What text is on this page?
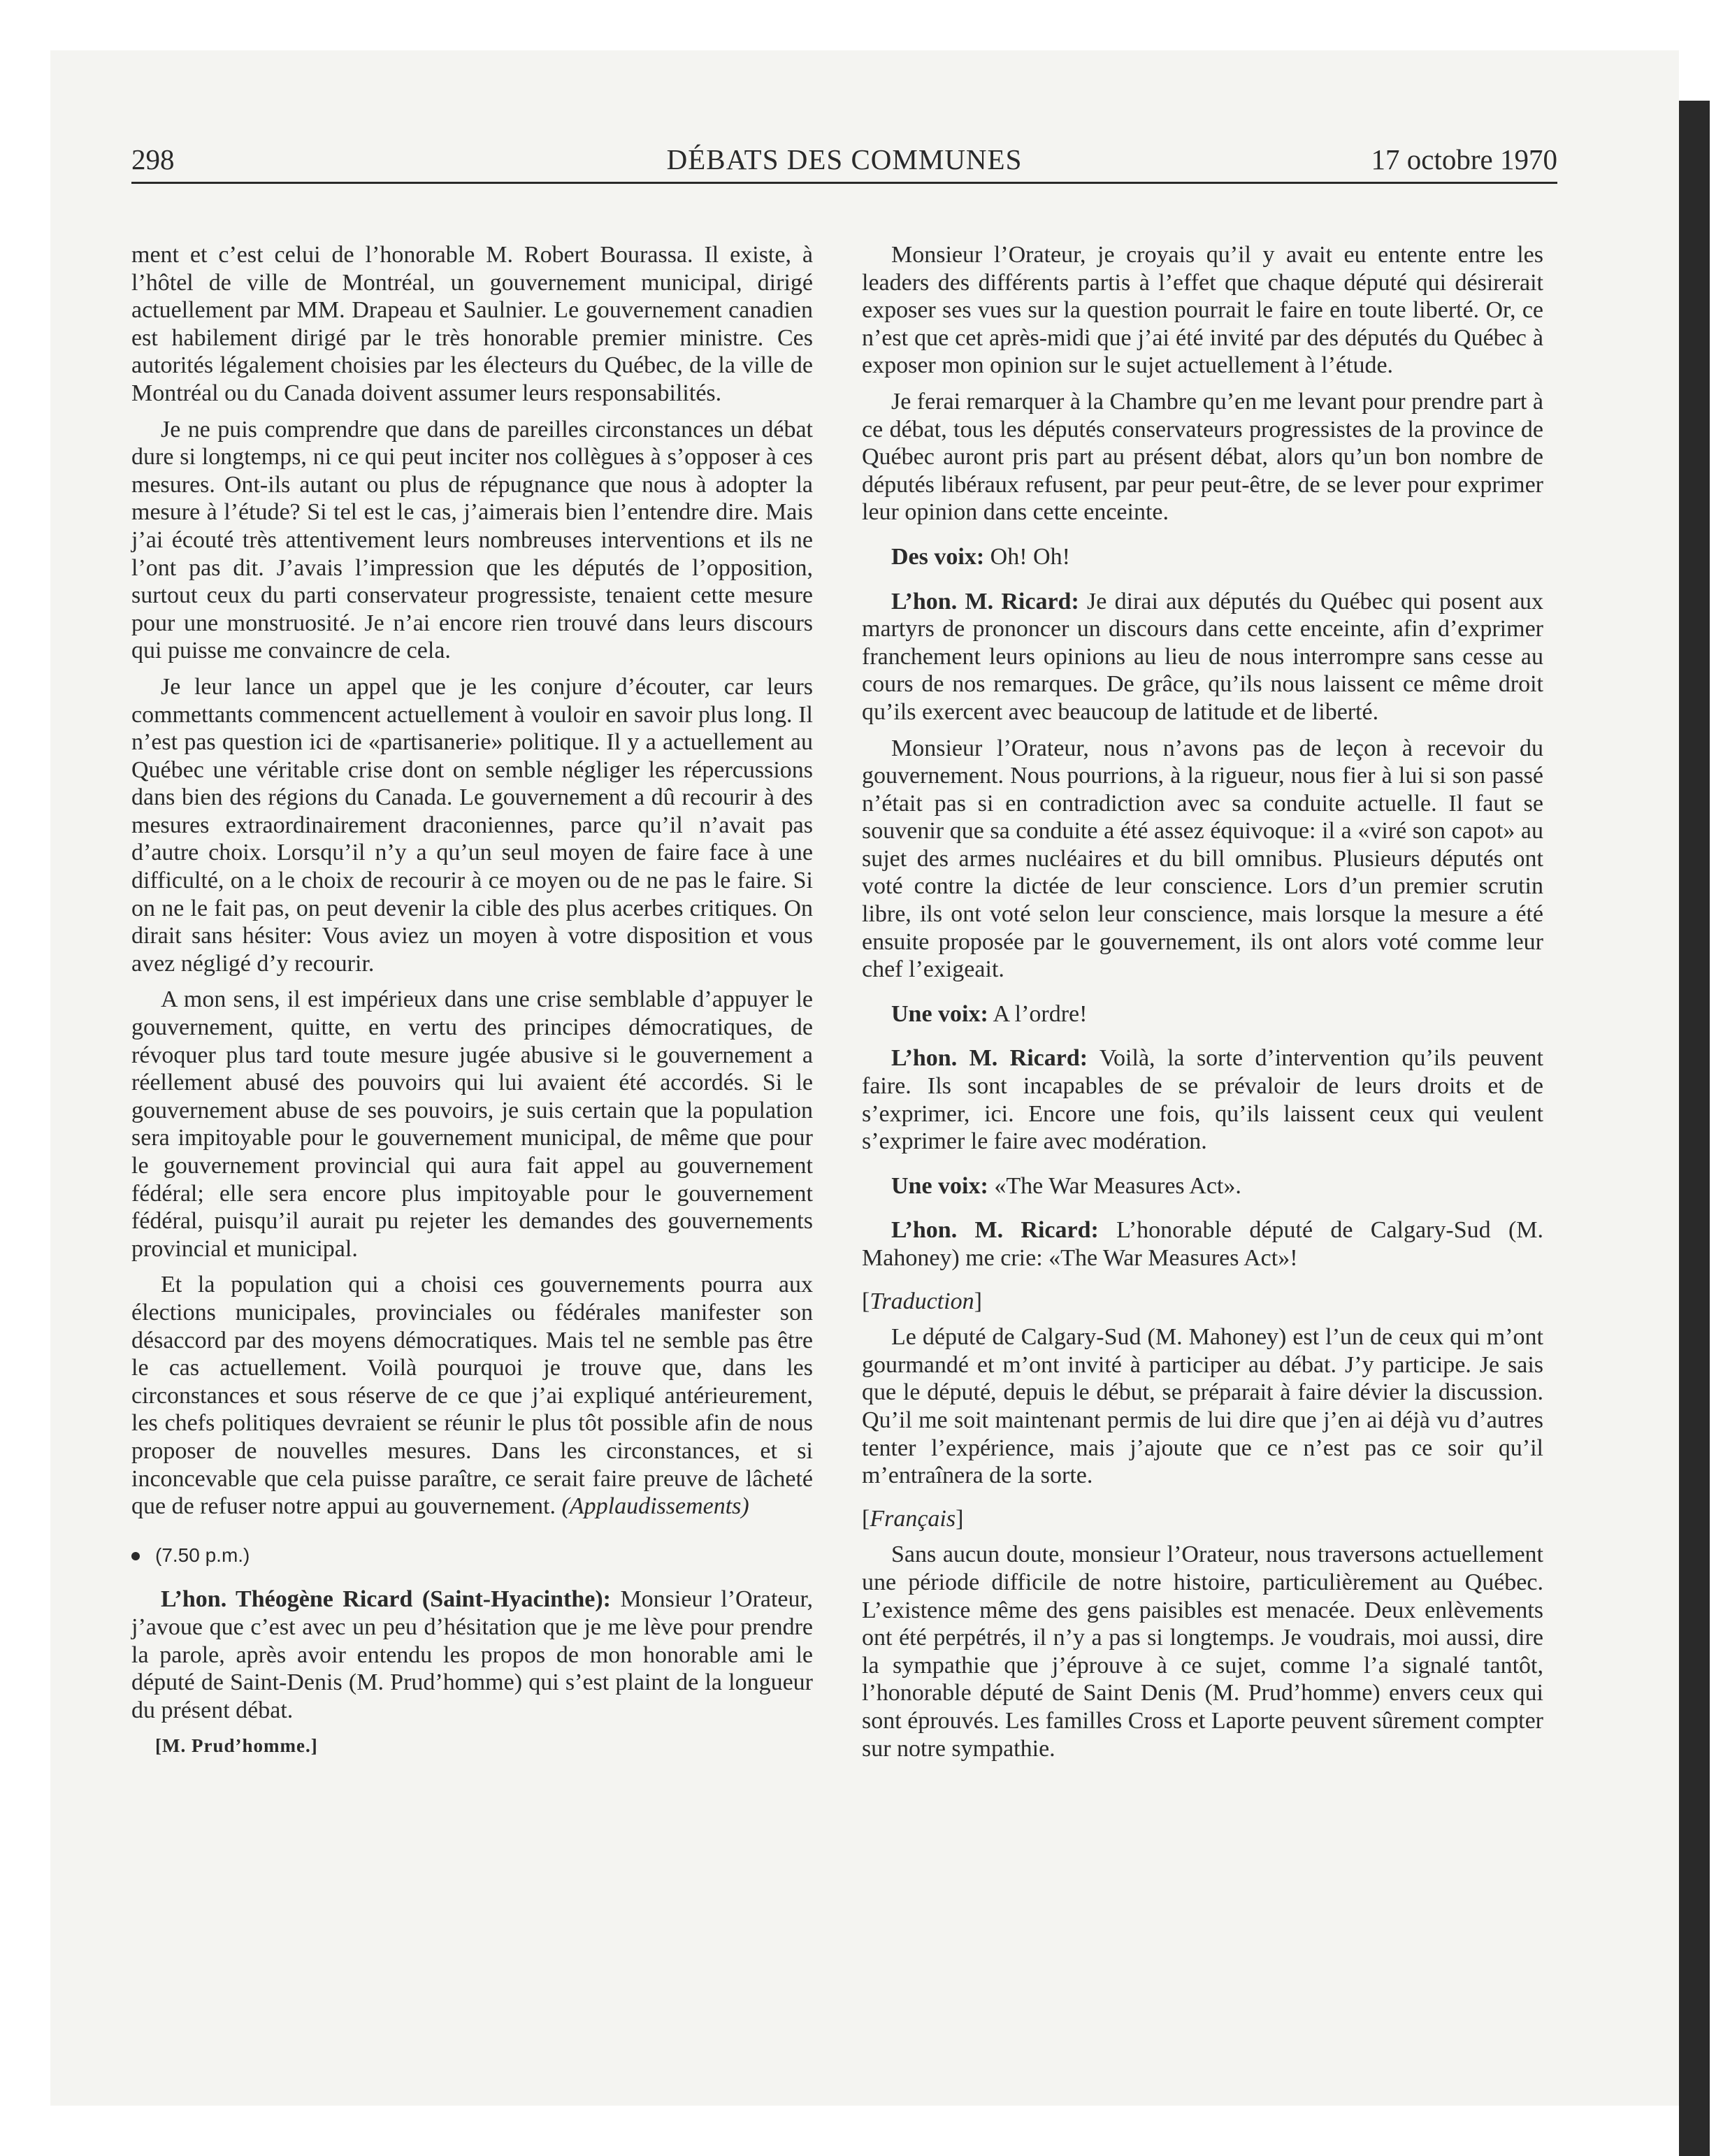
298	DÉBATS DES COMMUNES	17 octobre 1970

ment et c’est celui de l’honorable M. Robert Bourassa. Il existe, à l’hôtel de ville de Montréal, un gouvernement municipal, dirigé actuellement par MM. Drapeau et Saulnier. Le gouvernement canadien est habilement dirigé par le très honorable premier ministre. Ces autorités légalement choisies par les électeurs du Québec, de la ville de Montréal ou du Canada doivent assumer leurs responsabilités.

Je ne puis comprendre que dans de pareilles circonstances un débat dure si longtemps, ni ce qui peut inciter nos collègues à s’opposer à ces mesures. Ont-ils autant ou plus de répugnance que nous à adopter la mesure à l’étude? Si tel est le cas, j’aimerais bien l’entendre dire. Mais j’ai écouté très attentivement leurs nombreuses interventions et ils ne l’ont pas dit. J’avais l’impression que les députés de l’opposition, surtout ceux du parti conservateur progressiste, tenaient cette mesure pour une monstruosité. Je n’ai encore rien trouvé dans leurs discours qui puisse me convaincre de cela.

Je leur lance un appel que je les conjure d’écouter, car leurs commettants commencent actuellement à vouloir en savoir plus long. Il n’est pas question ici de «partisanerie» politique. Il y a actuellement au Québec une véritable crise dont on semble négliger les répercussions dans bien des régions du Canada. Le gouvernement a dû recourir à des mesures extraordinairement draconiennes, parce qu’il n’avait pas d’autre choix. Lorsqu’il n’y a qu’un seul moyen de faire face à une difficulté, on a le choix de recourir à ce moyen ou de ne pas le faire. Si on ne le fait pas, on peut devenir la cible des plus acerbes critiques. On dirait sans hésiter: Vous aviez un moyen à votre disposition et vous avez négligé d’y recourir.

A mon sens, il est impérieux dans une crise semblable d’appuyer le gouvernement, quitte, en vertu des principes démocratiques, de révoquer plus tard toute mesure jugée abusive si le gouvernement a réellement abusé des pouvoirs qui lui avaient été accordés. Si le gouvernement abuse de ses pouvoirs, je suis certain que la population sera impitoyable pour le gouvernement municipal, de même que pour le gouvernement provincial qui aura fait appel au gouvernement fédéral; elle sera encore plus impitoyable pour le gouvernement fédéral, puisqu’il aurait pu rejeter les demandes des gouvernements provincial et municipal.

Et la population qui a choisi ces gouvernements pourra aux élections municipales, provinciales ou fédérales manifester son désaccord par des moyens démocratiques. Mais tel ne semble pas être le cas actuellement. Voilà pourquoi je trouve que, dans les circonstances et sous réserve de ce que j’ai expliqué antérieurement, les chefs politiques devraient se réunir le plus tôt possible afin de nous proposer de nouvelles mesures. Dans les circonstances, et si inconcevable que cela puisse paraître, ce serait faire preuve de lâcheté que de refuser notre appui au gouvernement. (Applaudissements)

(7.50 p.m.)

L’hon. Théogène Ricard (Saint-Hyacinthe): Monsieur l’Orateur, j’avoue que c’est avec un peu d’hésitation que je me lève pour prendre la parole, après avoir entendu les propos de mon honorable ami le député de Saint-Denis (M. Prud’homme) qui s’est plaint de la longueur du présent débat.

[M. Prud’homme.]

Monsieur l’Orateur, je croyais qu’il y avait eu entente entre les leaders des différents partis à l’effet que chaque député qui désirerait exposer ses vues sur la question pourrait le faire en toute liberté. Or, ce n’est que cet après-midi que j’ai été invité par des députés du Québec à exposer mon opinion sur le sujet actuellement à l’étude.

Je ferai remarquer à la Chambre qu’en me levant pour prendre part à ce débat, tous les députés conservateurs progressistes de la province de Québec auront pris part au présent débat, alors qu’un bon nombre de députés libéraux refusent, par peur peut-être, de se lever pour exprimer leur opinion dans cette enceinte.

Des voix: Oh! Oh!

L’hon. M. Ricard: Je dirai aux députés du Québec qui posent aux martyrs de prononcer un discours dans cette enceinte, afin d’exprimer franchement leurs opinions au lieu de nous interrompre sans cesse au cours de nos remarques. De grâce, qu’ils nous laissent ce même droit qu’ils exercent avec beaucoup de latitude et de liberté.

Monsieur l’Orateur, nous n’avons pas de leçon à recevoir du gouvernement. Nous pourrions, à la rigueur, nous fier à lui si son passé n’était pas si en contradiction avec sa conduite actuelle. Il faut se souvenir que sa conduite a été assez équivoque: il a «viré son capot» au sujet des armes nucléaires et du bill omnibus. Plusieurs députés ont voté contre la dictée de leur conscience. Lors d’un premier scrutin libre, ils ont voté selon leur conscience, mais lorsque la mesure a été ensuite proposée par le gouvernement, ils ont alors voté comme leur chef l’exigeait.

Une voix: A l’ordre!

L’hon. M. Ricard: Voilà, la sorte d’intervention qu’ils peuvent faire. Ils sont incapables de se prévaloir de leurs droits et de s’exprimer, ici. Encore une fois, qu’ils laissent ceux qui veulent s’exprimer le faire avec modération.

Une voix: «The War Measures Act».

L’hon. M. Ricard: L’honorable député de Calgary-Sud (M. Mahoney) me crie: «The War Measures Act»!

[Traduction]

Le député de Calgary-Sud (M. Mahoney) est l’un de ceux qui m’ont gourmandé et m’ont invité à participer au débat. J’y participe. Je sais que le député, depuis le début, se préparait à faire dévier la discussion. Qu’il me soit maintenant permis de lui dire que j’en ai déjà vu d’autres tenter l’expérience, mais j’ajoute que ce n’est pas ce soir qu’il m’entraînera de la sorte.

[Français]

Sans aucun doute, monsieur l’Orateur, nous traversons actuellement une période difficile de notre histoire, particulièrement au Québec. L’existence même des gens paisibles est menacée. Deux enlèvements ont été perpétrés, il n’y a pas si longtemps. Je voudrais, moi aussi, dire la sympathie que j’éprouve à ce sujet, comme l’a signalé tantôt, l’honorable député de Saint Denis (M. Prud’homme) envers ceux qui sont éprouvés. Les familles Cross et Laporte peuvent sûrement compter sur notre sympathie.
